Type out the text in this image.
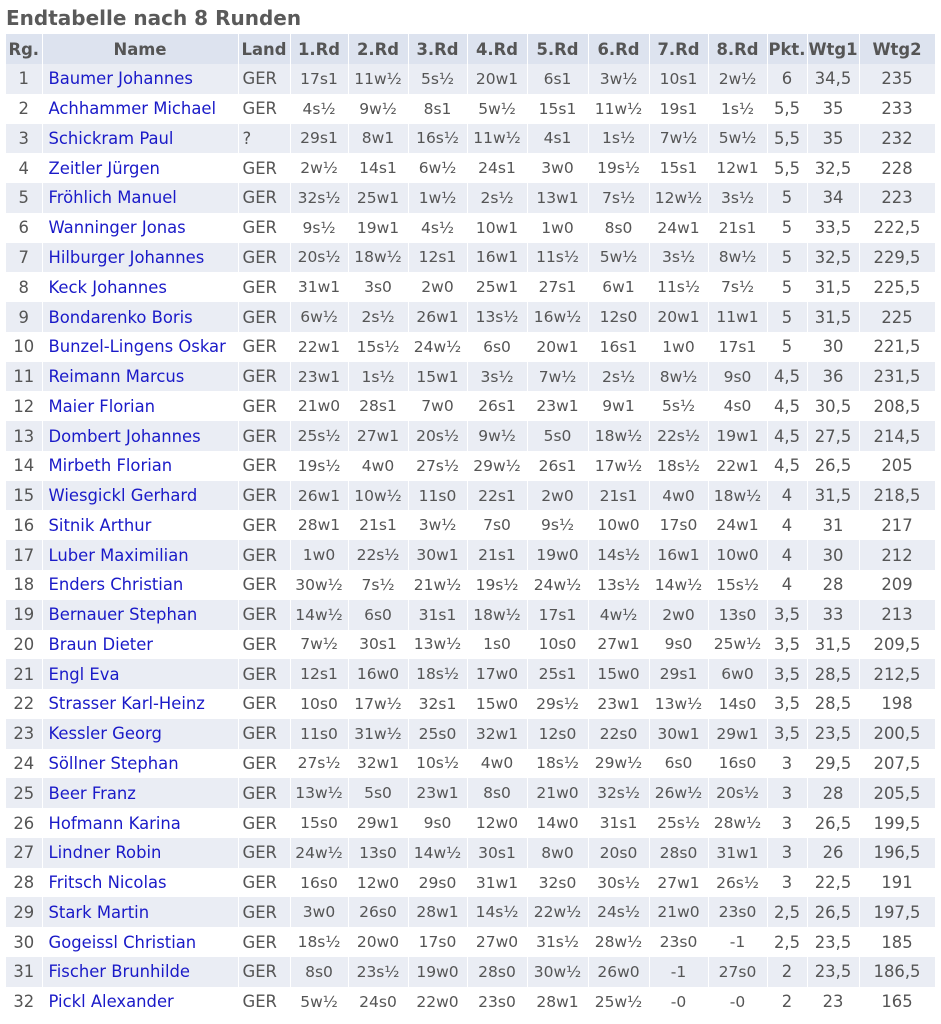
Endtabelle nach 8 Runden
Rg.	Name	Land	1.Rd	2.Rd	3.Rd	4.Rd	5.Rd	6.Rd	7.Rd	8.Rd	Pkt.	Wtg1	Wtg2
1	Baumer Johannes	GER	17s1	11w½	5s½	20w1	6s1	3w½	10s1	2w½	6	34,5	235
2	Achhammer Michael	GER	4s½	9w½	8s1	5w½	15s1	11w½	19s1	1s½	5,5	35	233
3	Schickram Paul	?	29s1	8w1	16s½	11w½	4s1	1s½	7w½	5w½	5,5	35	232
4	Zeitler Jürgen	GER	2w½	14s1	6w½	24s1	3w0	19s½	15s1	12w1	5,5	32,5	228
5	Fröhlich Manuel	GER	32s½	25w1	1w½	2s½	13w1	7s½	12w½	3s½	5	34	223
6	Wanninger Jonas	GER	9s½	19w1	4s½	10w1	1w0	8s0	24w1	21s1	5	33,5	222,5
7	Hilburger Johannes	GER	20s½	18w½	12s1	16w1	11s½	5w½	3s½	8w½	5	32,5	229,5
8	Keck Johannes	GER	31w1	3s0	2w0	25w1	27s1	6w1	11s½	7s½	5	31,5	225,5
9	Bondarenko Boris	GER	6w½	2s½	26w1	13s½	16w½	12s0	20w1	11w1	5	31,5	225
10	Bunzel-Lingens Oskar	GER	22w1	15s½	24w½	6s0	20w1	16s1	1w0	17s1	5	30	221,5
11	Reimann Marcus	GER	23w1	1s½	15w1	3s½	7w½	2s½	8w½	9s0	4,5	36	231,5
12	Maier Florian	GER	21w0	28s1	7w0	26s1	23w1	9w1	5s½	4s0	4,5	30,5	208,5
13	Dombert Johannes	GER	25s½	27w1	20s½	9w½	5s0	18w½	22s½	19w1	4,5	27,5	214,5
14	Mirbeth Florian	GER	19s½	4w0	27s½	29w½	26s1	17w½	18s½	22w1	4,5	26,5	205
15	Wiesgickl Gerhard	GER	26w1	10w½	11s0	22s1	2w0	21s1	4w0	18w½	4	31,5	218,5
16	Sitnik Arthur	GER	28w1	21s1	3w½	7s0	9s½	10w0	17s0	24w1	4	31	217
17	Luber Maximilian	GER	1w0	22s½	30w1	21s1	19w0	14s½	16w1	10w0	4	30	212
18	Enders Christian	GER	30w½	7s½	21w½	19s½	24w½	13s½	14w½	15s½	4	28	209
19	Bernauer Stephan	GER	14w½	6s0	31s1	18w½	17s1	4w½	2w0	13s0	3,5	33	213
20	Braun Dieter	GER	7w½	30s1	13w½	1s0	10s0	27w1	9s0	25w½	3,5	31,5	209,5
21	Engl Eva	GER	12s1	16w0	18s½	17w0	25s1	15w0	29s1	6w0	3,5	28,5	212,5
22	Strasser Karl-Heinz	GER	10s0	17w½	32s1	15w0	29s½	23w1	13w½	14s0	3,5	28,5	198
23	Kessler Georg	GER	11s0	31w½	25s0	32w1	12s0	22s0	30w1	29w1	3,5	23,5	200,5
24	Söllner Stephan	GER	27s½	32w1	10s½	4w0	18s½	29w½	6s0	16s0	3	29,5	207,5
25	Beer Franz	GER	13w½	5s0	23w1	8s0	21w0	32s½	26w½	20s½	3	28	205,5
26	Hofmann Karina	GER	15s0	29w1	9s0	12w0	14w0	31s1	25s½	28w½	3	26,5	199,5
27	Lindner Robin	GER	24w½	13s0	14w½	30s1	8w0	20s0	28s0	31w1	3	26	196,5
28	Fritsch Nicolas	GER	16s0	12w0	29s0	31w1	32s0	30s½	27w1	26s½	3	22,5	191
29	Stark Martin	GER	3w0	26s0	28w1	14s½	22w½	24s½	21w0	23s0	2,5	26,5	197,5
30	Gogeissl Christian	GER	18s½	20w0	17s0	27w0	31s½	28w½	23s0	-1	2,5	23,5	185
31	Fischer Brunhilde	GER	8s0	23s½	19w0	28s0	30w½	26w0	-1	27s0	2	23,5	186,5
32	Pickl Alexander	GER	5w½	24s0	22w0	23s0	28w1	25w½	-0	-0	2	23	165
